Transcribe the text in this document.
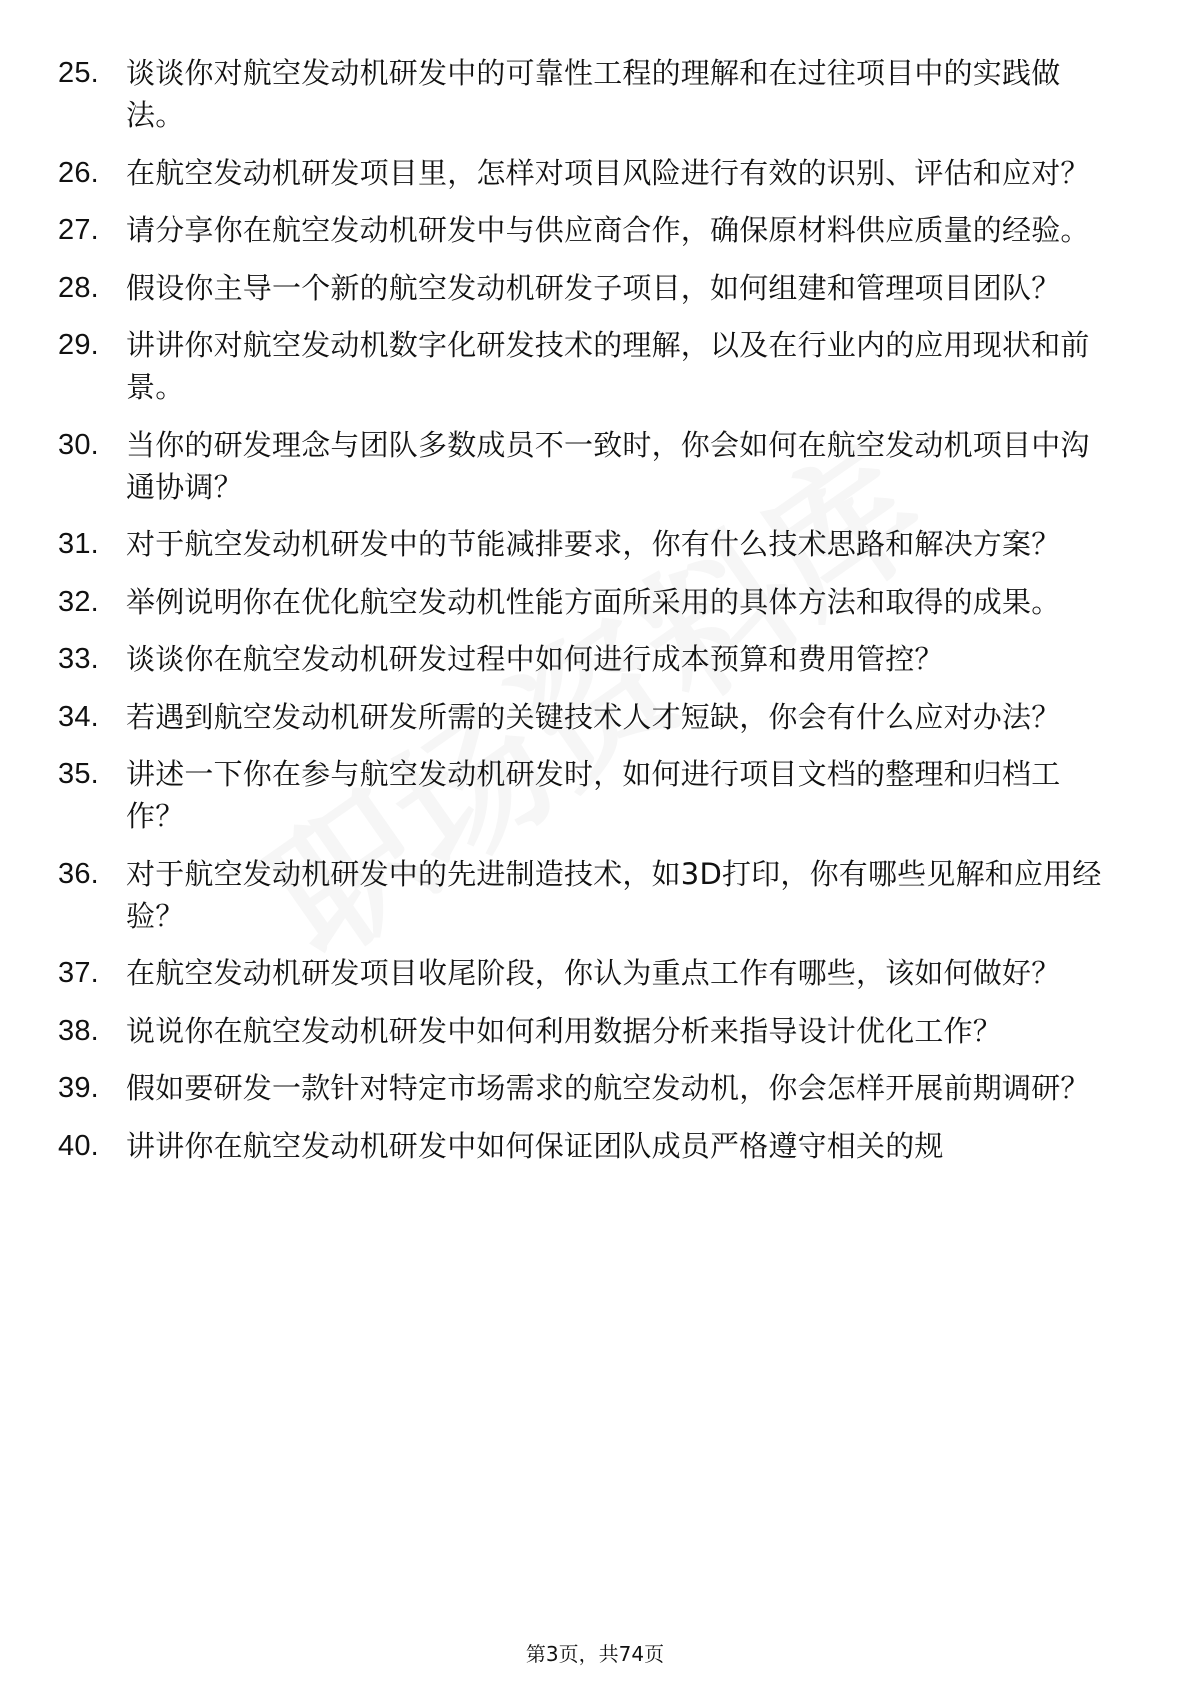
25. 谈谈你对航空发动机研发中的可靠性工程的理解和在过往项目中的实践做法。
26. 在航空发动机研发项目里，怎样对项目风险进行有效的识别、评估和应对？
27. 请分享你在航空发动机研发中与供应商合作，确保原材料供应质量的经验。
28. 假设你主导一个新的航空发动机研发子项目，如何组建和管理项目团队？
29. 讲讲你对航空发动机数字化研发技术的理解，以及在行业内的应用现状和前景。
30. 当你的研发理念与团队多数成员不一致时，你会如何在航空发动机项目中沟通协调？
31. 对于航空发动机研发中的节能减排要求，你有什么技术思路和解决方案？
32. 举例说明你在优化航空发动机性能方面所采用的具体方法和取得的成果。
33. 谈谈你在航空发动机研发过程中如何进行成本预算和费用管控？
34. 若遇到航空发动机研发所需的关键技术人才短缺，你会有什么应对办法？
35. 讲述一下你在参与航空发动机研发时，如何进行项目文档的整理和归档工作？
36. 对于航空发动机研发中的先进制造技术，如3D打印，你有哪些见解和应用经验？
37. 在航空发动机研发项目收尾阶段，你认为重点工作有哪些，该如何做好？
38. 说说你在航空发动机研发中如何利用数据分析来指导设计优化工作？
39. 假如要研发一款针对特定市场需求的航空发动机，你会怎样开展前期调研？
40. 讲讲你在航空发动机研发中如何保证团队成员严格遵守相关的规
第3页，共74页
